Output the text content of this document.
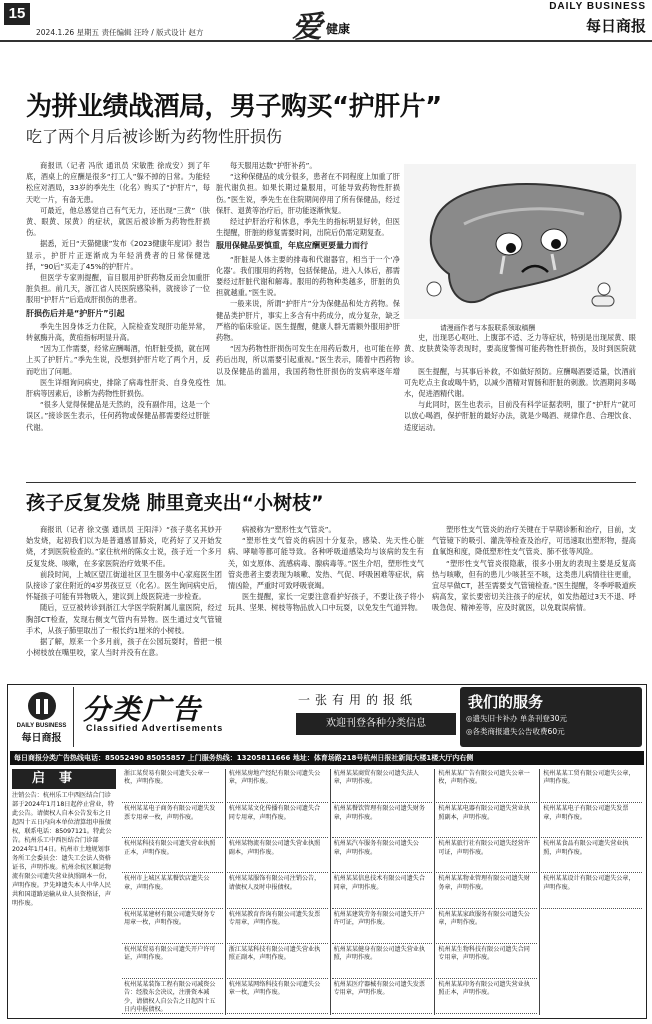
15
2024.1.26 星期五 责任编辑 汪玲 / 版式设计 赵方	爱 健康
DAILY BUSINESS
每日商报
为拼业绩战酒局，男子购买“护肝片”
吃了两个月后被诊断为药物性肝损伤

商报讯（记者 冯欣 通讯员 宋敏胜 徐成安）到了年底，酒桌上的应酬是很多“打工人”躲不掉的日常。为能轻松应对酒局，33岁的季先生（化名）购买了“护肝片”，每天吃一片，有备无患。

可最近，他总感觉自己有气无力，还出现“三黄”（肤黄、眼黄、尿黄）的症状，就医后被诊断为药物性肝损伤。

据悉，近日“天猫健康”发布《2023健康年度词》报告显示，护肝片正逐渐成为年轻消费者的日常保健选择，“90后”买走了45%的护肝片。

但医学专家则提醒，盲目服用护肝药物反而会加重肝脏负担。前几天，浙江省人民医院感染科，就接诊了一位服用“护肝片”后造成肝损伤的患者。

肝损伤后并是“护肝片”引起

季先生因身体乏力住院，入院检查发现肝功能异常，转氨酶升高，黄疸指标明显升高。

“因为工作需要，经常应酬喝酒，怕肝脏受损，就在网上买了护肝片。”季先生说，没想到护肝片吃了两个月，反而吃出了问题。

医生详细询问病史，排除了病毒性肝炎、自身免疫性肝病等因素后，诊断为药物性肝损伤。

“很多人觉得保健品是天然的，没有副作用，这是一个误区。”接诊医生表示，任何药物或保健品都需要经过肝脏代谢。

每天服用达数“护肝补药”。

“这种保健品的成分很多，患者在不同程度上加重了肝脏代谢负担。如果长期过量服用，可能导致药物性肝损伤。”医生说，季先生在住院期间停用了所有保健品，经过保肝、退黄等治疗后，肝功能逐渐恢复。

经过护肝治疗和休息，季先生的指标明显好转，但医生提醒，肝脏的修复需要时间，出院后仍需定期复查。

服用保健品要慎重，年底应酬更要量力而行

“肝脏是人体主要的排毒和代谢器官，相当于一个‘净化器’。我们服用的药物，包括保健品，进入人体后，都需要经过肝脏代谢和解毒。服用的药物种类越多，肝脏的负担就越重。”医生说。

一般来说，所谓“护肝片”分为保健品和处方药物。保健品类护肝片，事实上多含有中药成分，成分复杂，缺乏严格的临床验证。医生提醒，健康人群无需额外服用护肝药物。

“因为药物性肝损伤可发生在用药后数月，也可能在停药后出现，所以需要引起重视。”医生表示，随着中西药物以及保健品的滥用，我国药物性肝损伤的发病率逐年增加。

请漫画作者与本报联系领取稿酬

史，出现恶心呕吐、上腹部不适、乏力等症状，特别是出现尿黄、眼黄、皮肤黄染等表现时，要高度警惕可能药物性肝损伤，及时到医院就诊。

医生提醒，与其事后补救，不如做好预防。应酬喝酒要适量，饮酒前可先吃点主食或喝牛奶，以减少酒精对胃肠和肝脏的刺激。饮酒期间多喝水，促进酒精代谢。

与此同时，医生也表示，目前没有科学证据表明，服了“护肝片”就可以放心喝酒，保护肝脏的最好办法，就是少喝酒、规律作息、合理饮食、适度运动。

孩子反复发烧 肺里竟夹出“小树枝”

商报讯（记者 徐文强 通讯员 王阳洋）“孩子莫名其妙开始发烧，起初我们以为是普通感冒肺炎，吃药好了又开始发烧，才到医院检查的。”家住杭州的陈女士说，孩子近一个多月反复发烧、咳嗽，在多家医院治疗效果不佳。

前段时间，上城区望江街道社区卫生服务中心家庭医生团队接诊了家住附近的4岁男孩豆豆（化名）。医生询问病史后，怀疑孩子可能有异物吸入，建议到上级医院进一步检查。

随后，豆豆被转诊到浙江大学医学院附属儿童医院，经过胸部CT检查，发现右侧支气管内有异物。医生通过支气管镜手术，从孩子肺里取出了一根长约1厘米的小树枝。

据了解，原来一个多月前，孩子在公园玩耍时，曾把一根小树枝放在嘴里咬，家人当时并没有在意。

病被称为“塑形性支气管炎”。

“塑形性支气管炎的病因十分复杂，感染、先天性心脏病、哮喘等都可能导致。各种呼吸道感染均与该病的发生有关，如支原体、流感病毒、腺病毒等。”医生介绍，塑形性支气管炎患者主要表现为咳嗽、发热、气促、呼吸困难等症状，病情凶险，严重时可致呼吸衰竭。

医生提醒，家长一定要注意看护好孩子，不要让孩子将小玩具、坚果、树枝等物品放入口中玩耍，以免发生气道异物。

塑形性支气管炎的治疗关键在于早期诊断和治疗，目前，支气管镜下的吸引、灌洗等检查及治疗，可迅速取出塑形物，提高血氧饱和度，降低塑形性支气管炎、肺不张等风险。

“塑形性支气管炎很隐蔽，很多小朋友的表现主要是反复高热与咳嗽，但有的患儿少咳甚至不咳，这类患儿病情往往更重，宜尽早做CT，甚至需要支气管镜检查。”医生提醒，冬季呼吸道疾病高发，家长要密切关注孩子的症状，如发热超过3天不退、呼吸急促、精神差等，应及时就医，以免耽误病情。

DAILY BUSINESS
每日商报
分类广告
Classified Advertisements
一张有用的报纸
欢迎刊登各种分类信息
我们的服务
◎遗失旧卡补办 单条刊登30元
◎各类商报遗失公告收费60元
每日商报分类广告热线电话：85052490 85055857 上门服务热线：13205811666 地址：体育场路218号杭州日报社新闻大楼1楼大厅内右侧
启事
注销公告：杭州乐工中西医结合门诊部于2024年1月18日起停止营业，特此公告。请债权人自本公告发布之日起四十五日内向本单位清算组申报债权，联系电话：85097121。特此公告。杭州乐工中西医结合门诊部 2024年1月4日。杭州市土地规划事务所工会委员会：遗失工会法人资格证书，声明作废。杭州余杭区顺运物流有限公司遗失营业执照副本一份，声明作废。尹先坤遗失本人中华人民共和国道路运输从业人员资格证，声明作废。
浙江某贸易有限公司遗失公章一枚，声明作废。
杭州某某电子商务有限公司遗失发票专用章一枚，声明作废。
杭州某科技有限公司遗失营业执照正本，声明作废。
杭州市上城区某某餐饮店遗失公章，声明作废。
杭州某某建材有限公司遗失财务专用章一枚，声明作废。
杭州某贸易有限公司遗失开户许可证，声明作废。
杭州某某装饰工程有限公司减资公告：经股东会决议，注册资本减少，请债权人自公告之日起四十五日内申报债权。
杭州某房地产经纪有限公司遗失公章，声明作废。
杭州某某文化传播有限公司遗失合同专用章，声明作废。
杭州某物流有限公司遗失营业执照副本，声明作废。
杭州某某服饰有限公司注销公告，请债权人及时申报债权。
杭州某教育咨询有限公司遗失发票专用章，声明作废。
浙江某某科技有限公司遗失营业执照正副本，声明作废。
杭州某某网络科技有限公司遗失公章一枚，声明作废。
杭州某某商贸有限公司遗失法人章，声明作废。
杭州某餐饮管理有限公司遗失财务章，声明作废。
杭州某汽车服务有限公司遗失公章，声明作废。
杭州某某信息技术有限公司遗失合同章，声明作废。
杭州某建筑劳务有限公司遗失开户许可证，声明作废。
杭州某某健身有限公司遗失营业执照，声明作废。
杭州某医疗器械有限公司遗失发票专用章，声明作废。
杭州某某广告有限公司遗失公章一枚，声明作废。
杭州某某电器有限公司遗失营业执照副本，声明作废。
杭州某旅行社有限公司遗失经营许可证，声明作废。
杭州某某物业管理有限公司遗失财务章，声明作废。
杭州某某家政服务有限公司遗失公章，声明作废。
杭州某生物科技有限公司遗失合同专用章，声明作废。
杭州某某印务有限公司遗失营业执照正本，声明作废。
杭州某某工贸有限公司遗失公章，声明作废。
杭州某某电子有限公司遗失发票章，声明作废。
杭州某食品有限公司遗失营业执照，声明作废。
杭州某某设计有限公司遗失公章，声明作废。
